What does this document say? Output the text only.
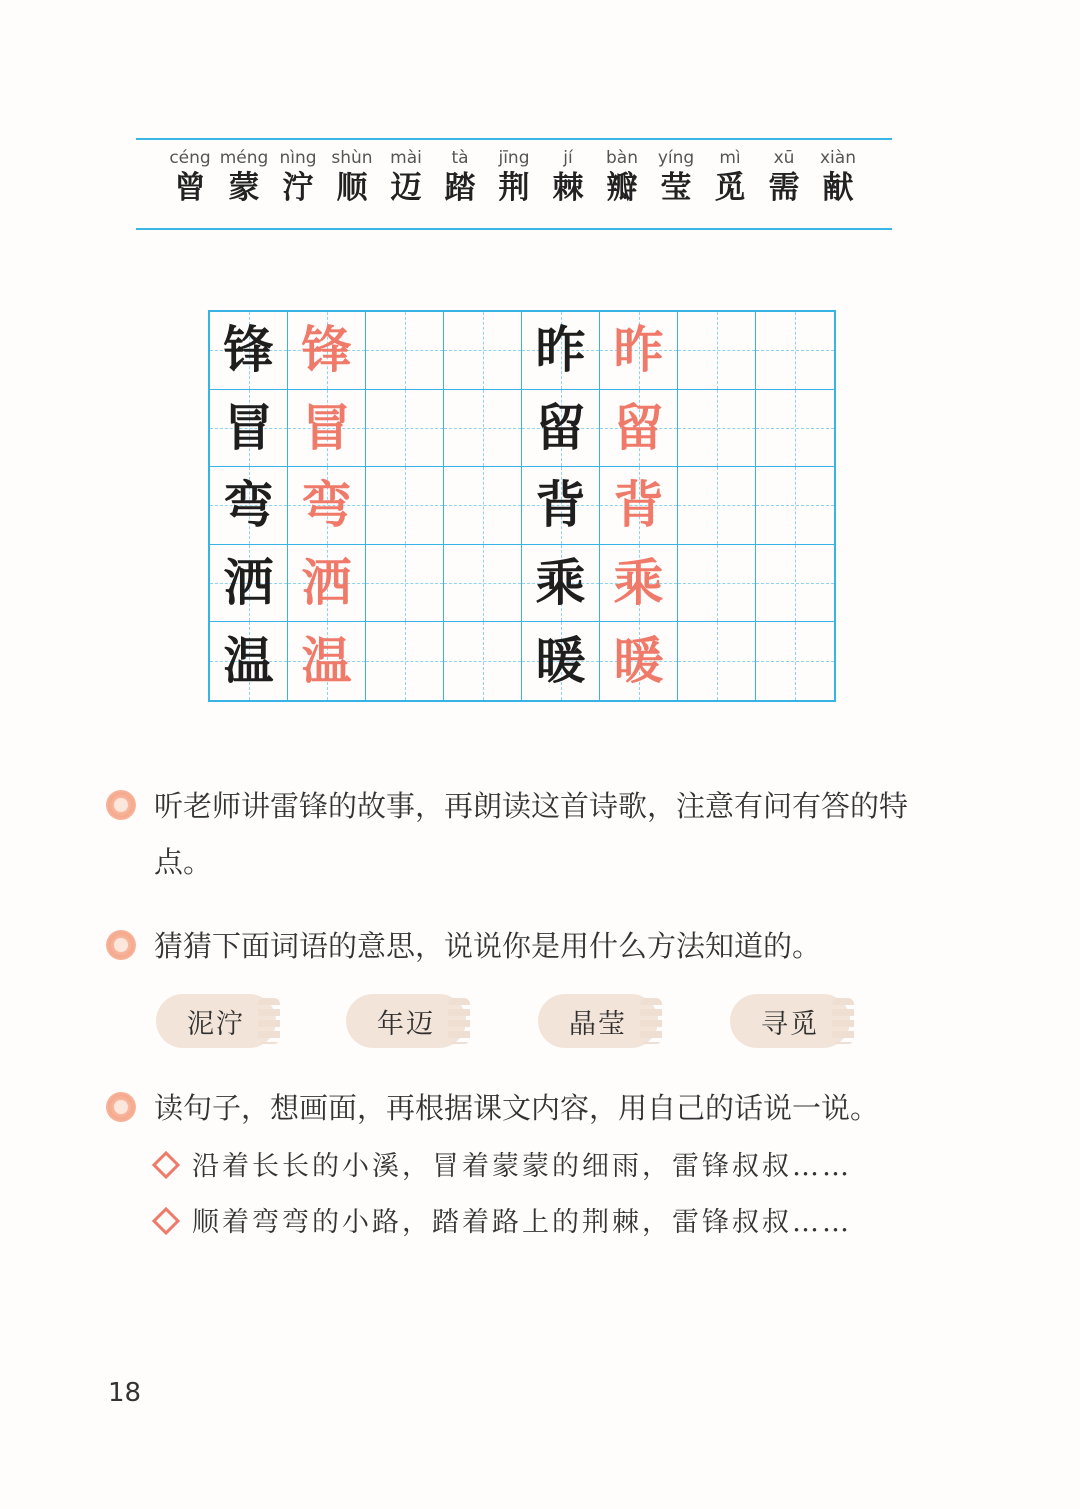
céng
曾
méng
蒙
nìng
泞
shùn
顺
mài
迈
tà
踏
jīng
荆
jí
棘
bàn
瓣
yíng
莹
mì
觅
xū
需
xiàn
献
锋 锋	昨 昨
冒 冒	留 留
弯 弯	背 背
洒 洒	乘 乘
温 温	暖 暖
听老师讲雷锋的故事，再朗读这首诗歌，注意有问有答的特点。
猜猜下面词语的意思，说说你是用什么方法知道的。
泥泞	年迈	晶莹	寻觅
读句子，想画面，再根据课文内容，用自己的话说一说。
沿着长长的小溪，冒着蒙蒙的细雨，雷锋叔叔……
顺着弯弯的小路，踏着路上的荆棘，雷锋叔叔……
18
